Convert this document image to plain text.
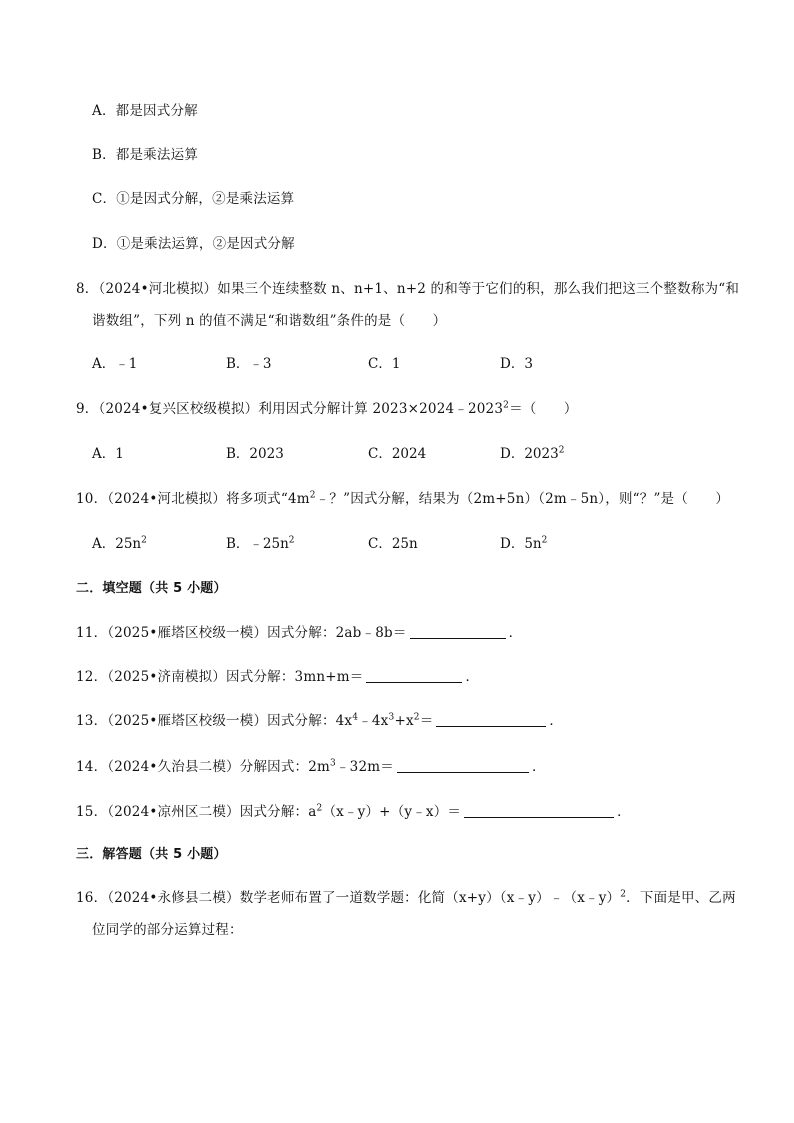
A．都是因式分解
B．都是乘法运算
C．①是因式分解，②是乘法运算
D．①是乘法运算，②是因式分解
8．（2024•河北模拟）如果三个连续整数 n、n+1、n+2 的和等于它们的积，那么我们把这三个整数称为“和
谐数组”，下列 n 的值不满足“和谐数组”条件的是（　　）
A．﹣1	B．﹣3	C．1	D．3
9．（2024•复兴区校级模拟）利用因式分解计算 $2023\times 2024﹣2023^2=$（　　）
A．1	B．2023	C．2024	D．2023$^2$
10．（2024•河北模拟）将多项式“$4m^2﹣$？”因式分解，结果为（2m+5n）（2m﹣5n），则“？”是（　　）
A．$25n^2$	B．$﹣25n^2$	C．25n	D．$5n^2$
二．填空题（共 5 小题）
11．（2025•雁塔区校级一模）因式分解：2ab﹣8b＝	．
12．（2025•济南模拟）因式分解：3mn+m＝	．
13．（2025•雁塔区校级一模）因式分解：$4x^4﹣4x^3+x^2=$	．
14．（2024•久治县二模）分解因式：$2m^3﹣32m=$	．
15．（2024•凉州区二模）因式分解：$a^2(x﹣y)+(y﹣x)=$	．
三．解答题（共 5 小题）
16．（2024•永修县二模）数学老师布置了一道数学题：化简（x+y）（x﹣y）﹣（x﹣y）$^2$．下面是甲、乙两
位同学的部分运算过程：
